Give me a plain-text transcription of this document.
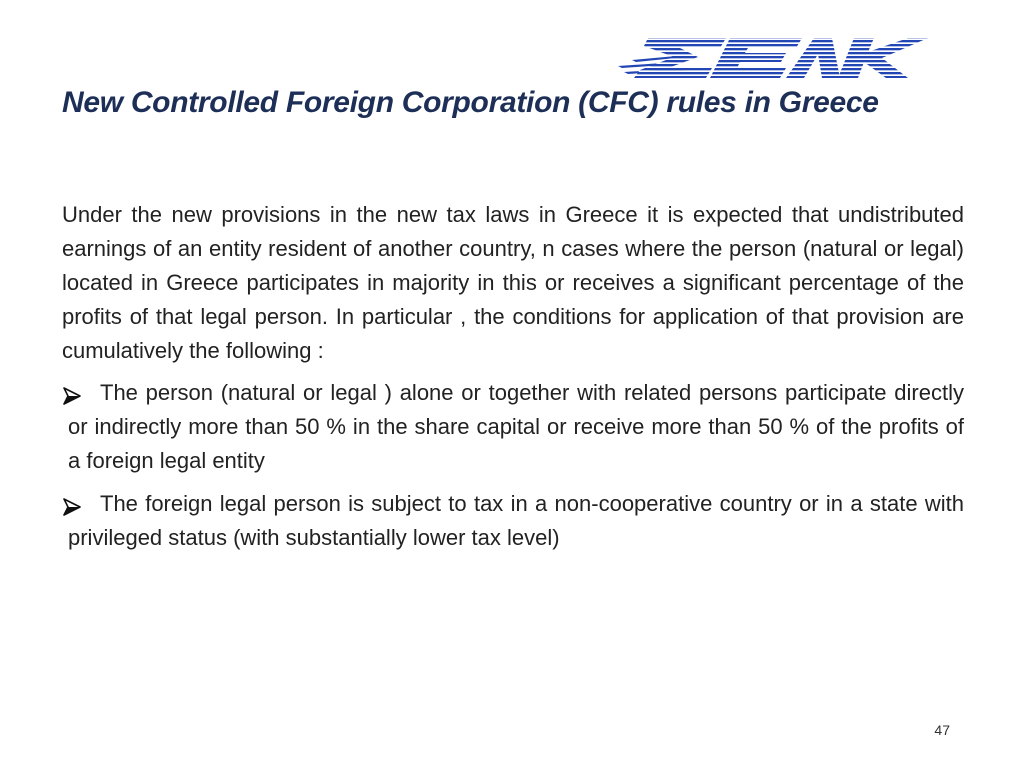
New Controlled Foreign Corporation (CFC) rules in Greece

Under the new provisions in the new tax laws in Greece it is expected that undistributed earnings of an entity resident of another country, n cases where the person (natural or legal) located in Greece participates in majority in this or receives a significant percentage of the profits of that legal person. In particular , the conditions for application of that provision are cumulatively the following :

The person (natural or legal ) alone or together with related persons participate directly or indirectly more than 50 % in the share capital or receive more than 50 % of the profits of a foreign legal entity

The foreign legal person is subject to tax in a non-cooperative country or in a state with privileged status (with substantially lower tax level)

47
